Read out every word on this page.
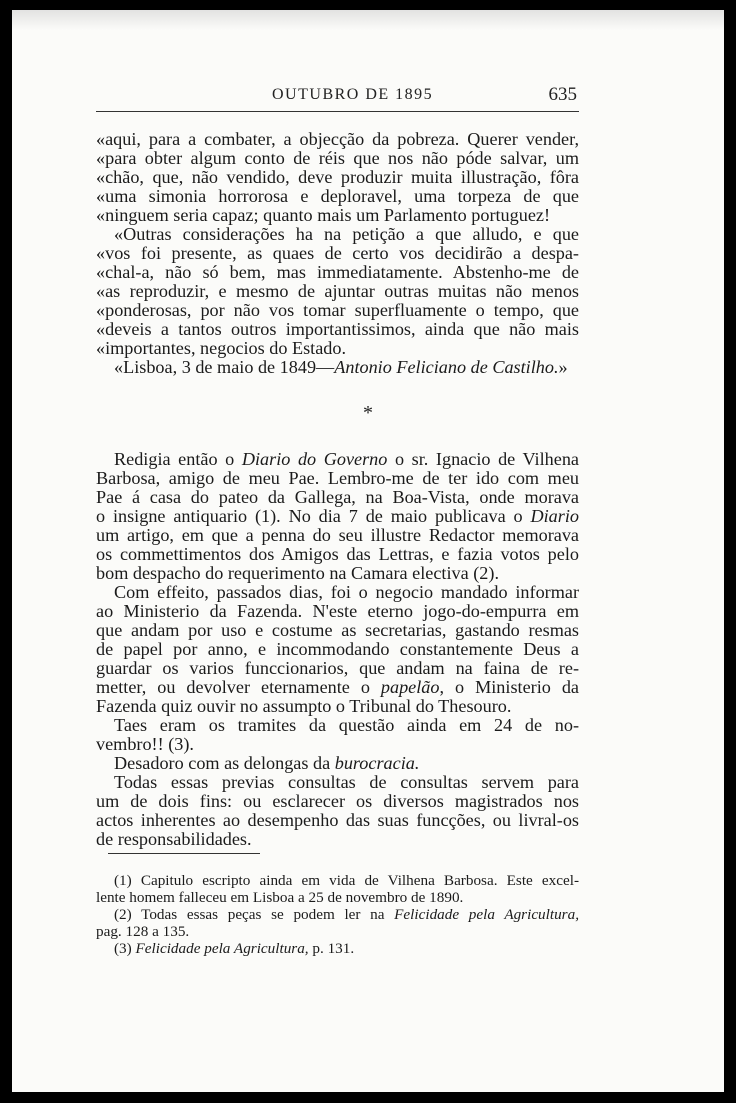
OUTUBRO DE 1895	635
«aqui, para a combater, a objecção da pobreza. Querer vender,
«para obter algum conto de réis que nos não póde salvar, um
«chão, que, não vendido, deve produzir muita illustração, fôra
«uma simonia horrorosa e deploravel, uma torpeza de que
«ninguem seria capaz; quanto mais um Parlamento portuguez!
«Outras considerações ha na petição a que alludo, e que
«vos foi presente, as quaes de certo vos decidirão a despa-
«chal-a, não só bem, mas immediatamente. Abstenho-me de
«as reproduzir, e mesmo de ajuntar outras muitas não menos
«ponderosas, por não vos tomar superfluamente o tempo, que
«deveis a tantos outros importantissimos, ainda que não mais
«importantes, negocios do Estado.
«Lisboa, 3 de maio de 1849—Antonio Feliciano de Castilho.»
*
Redigia então o Diario do Governo o sr. Ignacio de Vilhena
Barbosa, amigo de meu Pae. Lembro-me de ter ido com meu
Pae á casa do pateo da Gallega, na Boa-Vista, onde morava
o insigne antiquario (1). No dia 7 de maio publicava o Diario
um artigo, em que a penna do seu illustre Redactor memorava
os commettimentos dos Amigos das Lettras, e fazia votos pelo
bom despacho do requerimento na Camara electiva (2).
Com effeito, passados dias, foi o negocio mandado informar
ao Ministerio da Fazenda. N'este eterno jogo-do-empurra em
que andam por uso e costume as secretarias, gastando resmas
de papel por anno, e incommodando constantemente Deus a
guardar os varios funccionarios, que andam na faina de re-
metter, ou devolver eternamente o papelão, o Ministerio da
Fazenda quiz ouvir no assumpto o Tribunal do Thesouro.
Taes eram os tramites da questão ainda em 24 de no-
vembro!! (3).
Desadoro com as delongas da burocracia.
Todas essas previas consultas de consultas servem para
um de dois fins: ou esclarecer os diversos magistrados nos
actos inherentes ao desempenho das suas funcções, ou livral-os
de responsabilidades.
(1) Capitulo escripto ainda em vida de Vilhena Barbosa. Este excel-
lente homem falleceu em Lisboa a 25 de novembro de 1890.
(2) Todas essas peças se podem ler na Felicidade pela Agricultura,
pag. 128 a 135.
(3) Felicidade pela Agricultura, p. 131.
